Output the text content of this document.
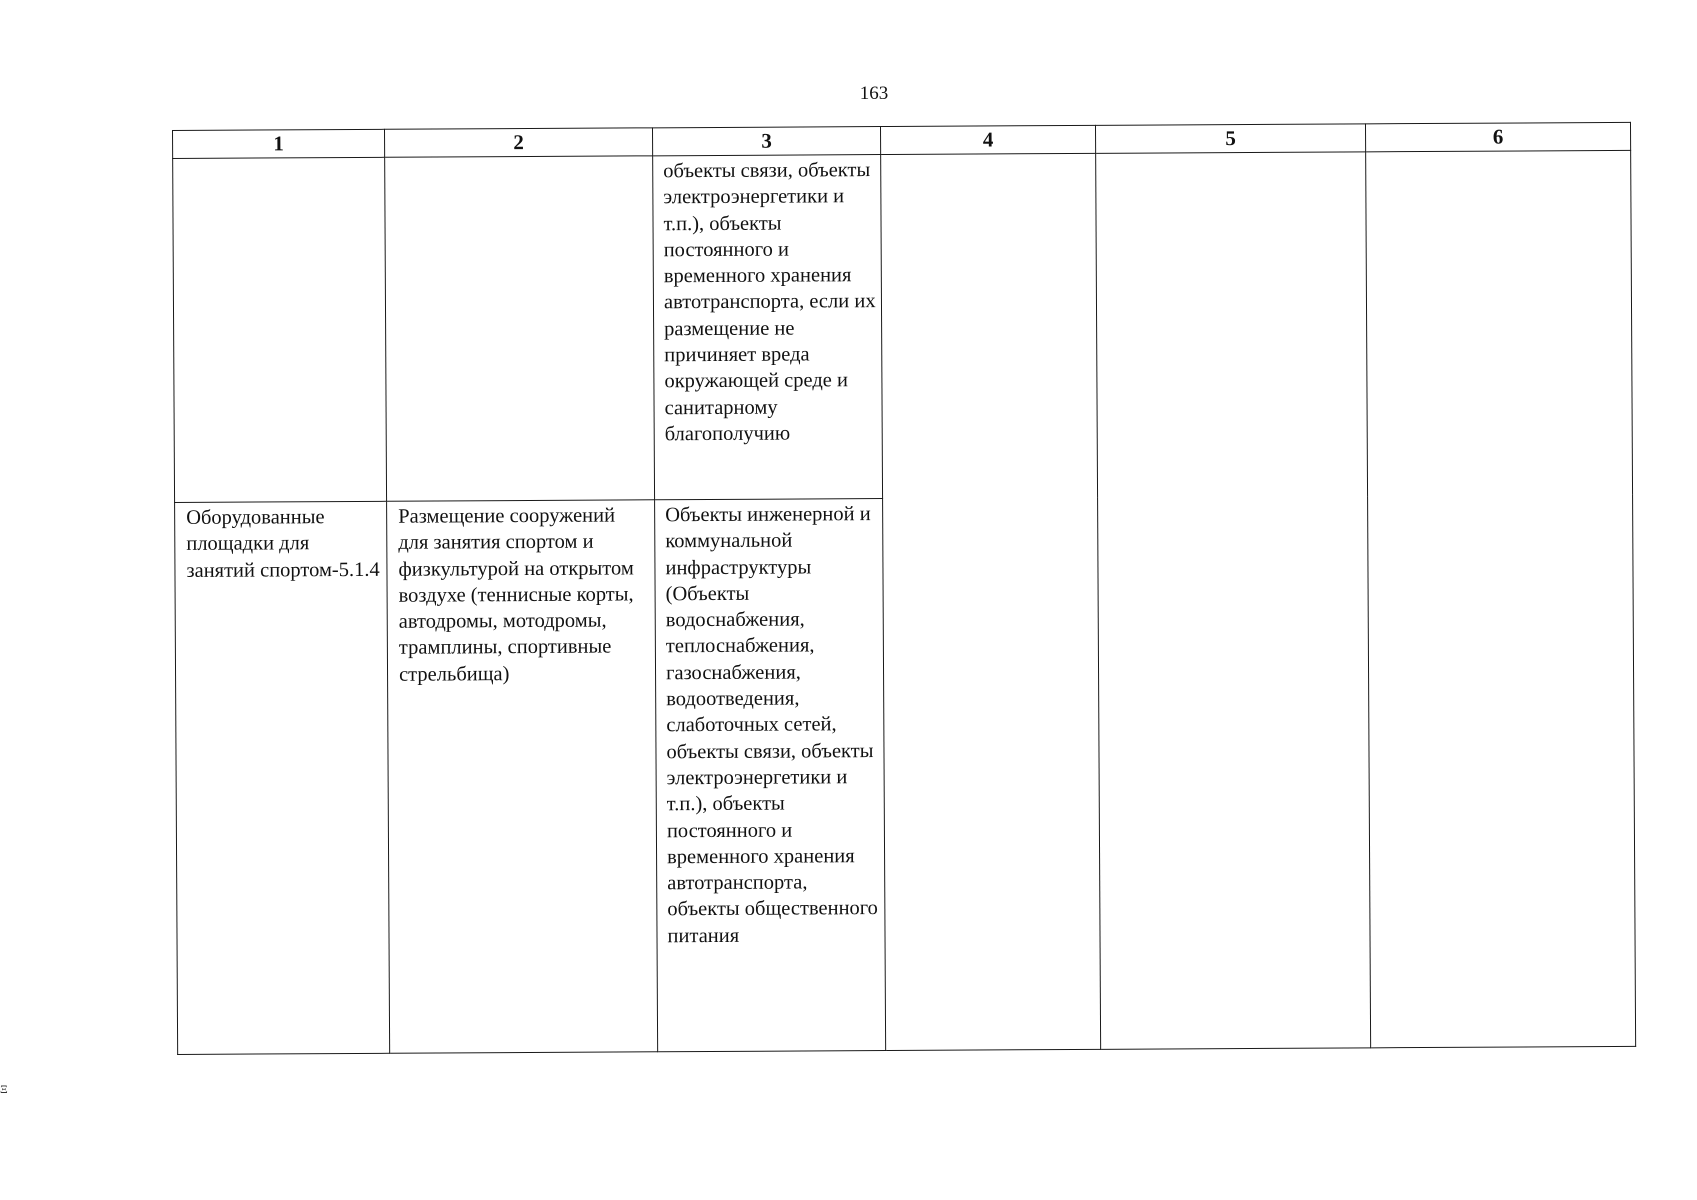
163
1	2	3	4	5	6

		объекты связи, объекты электроэнергетики и т.п.), объекты постоянного и временного хранения автотранспорта, если их размещение не причиняет вреда окружающей среде и санитарному благополучию			

Оборудованные площадки для занятий спортом-5.1.4	Размещение сооружений для занятия спортом и физкультурой на открытом воздухе (теннисные корты, автодромы, мотодромы, трамплины, спортивные стрельбища)	Объекты инженерной и коммунальной инфраструктуры (Объекты водоснабжения, теплоснабжения, газоснабжения, водоотведения, слаботочных сетей, объекты связи, объекты электроэнергетики и т.п.), объекты постоянного и временного хранения автотранспорта, объекты общественного питания			

Ξ
